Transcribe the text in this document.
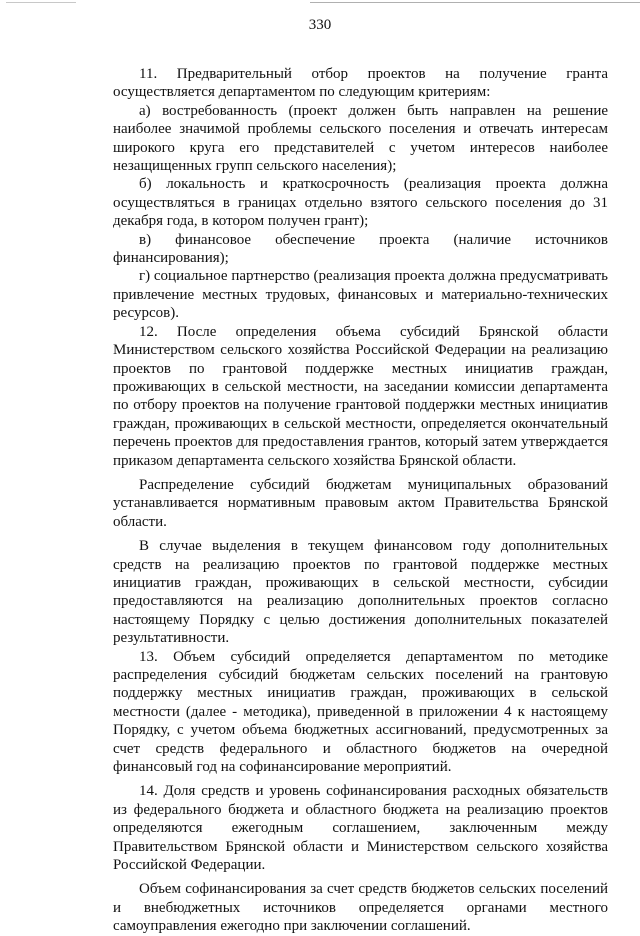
330

11. Предварительный отбор проектов на получение гранта осуществляется департаментом по следующим критериям:

а) востребованность (проект должен быть направлен на решение наиболее значимой проблемы сельского поселения и отвечать интересам широкого круга его представителей с учетом интересов наиболее незащищенных групп сельского населения);

б) локальность и краткосрочность (реализация проекта должна осуществляться в границах отдельно взятого сельского поселения до 31 декабря года, в котором получен грант);

в) финансовое обеспечение проекта (наличие источников финансирования);

г) социальное партнерство (реализация проекта должна предусматривать привлечение местных трудовых, финансовых и материально-технических ресурсов).

12. После определения объема субсидий Брянской области Министерством сельского хозяйства Российской Федерации на реализацию проектов по грантовой поддержке местных инициатив граждан, проживающих в сельской местности, на заседании комиссии департамента по отбору проектов на получение грантовой поддержки местных инициатив граждан, проживающих в сельской местности, определяется окончательный перечень проектов для предоставления грантов, который затем утверждается приказом департамента сельского хозяйства Брянской области.

Распределение субсидий бюджетам муниципальных образований устанавливается нормативным правовым актом Правительства Брянской области.

В случае выделения в текущем финансовом году дополнительных средств на реализацию проектов по грантовой поддержке местных инициатив граждан, проживающих в сельской местности, субсидии предоставляются на реализацию дополнительных проектов согласно настоящему Порядку с целью достижения дополнительных показателей результативности.

13. Объем субсидий определяется департаментом по методике распределения субсидий бюджетам сельских поселений на грантовую поддержку местных инициатив граждан, проживающих в сельской местности (далее - методика), приведенной в приложении 4 к настоящему Порядку, с учетом объема бюджетных ассигнований, предусмотренных за счет средств федерального и областного бюджетов на очередной финансовый год на софинансирование мероприятий.

14. Доля средств и уровень софинансирования расходных обязательств из федерального бюджета и областного бюджета на реализацию проектов определяются ежегодным соглашением, заключенным между Правительством Брянской области и Министерством сельского хозяйства Российской Федерации.

Объем софинансирования за счет средств бюджетов сельских поселений и внебюджетных источников определяется органами местного самоуправления ежегодно при заключении соглашений.
